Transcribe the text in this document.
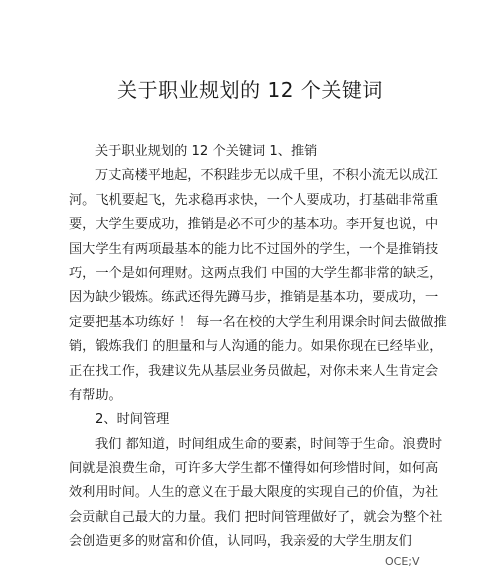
关于职业规划的 12 个关键词

关于职业规划的 12 个关键词 1、推销

万丈高楼平地起，不积跬步无以成千里，不积小流无以成江

河。飞机要起飞，先求稳再求快，一个人要成功，打基础非常重

要，大学生要成功，推销是必不可少的基本功。李开复也说，中

国大学生有两项最基本的能力比不过国外的学生，一个是推销技

巧，一个是如何理财。这两点我们 中国的大学生都非常的缺乏，

因为缺少锻炼。练武还得先蹲马步，推销是基本功，要成功，一

定要把基本功练好 ！ 每一名在校的大学生利用课余时间去做做推

销，锻炼我们 的胆量和与人沟通的能力。如果你现在已经毕业，

正在找工作，我建议先从基层业务员做起，对你未来人生肯定会

有帮助。

2、时间管理

我们 都知道，时间组成生命的要素，时间等于生命。浪费时

间就是浪费生命，可许多大学生都不懂得如何珍惜时间，如何高

效利用时间。人生的意义在于最大限度的实现自己的价值，为社

会贡献自己最大的力量。我们 把时间管理做好了，就会为整个社

会创造更多的财富和价值，认同吗，我亲爱的大学生朋友们

OCE;V
